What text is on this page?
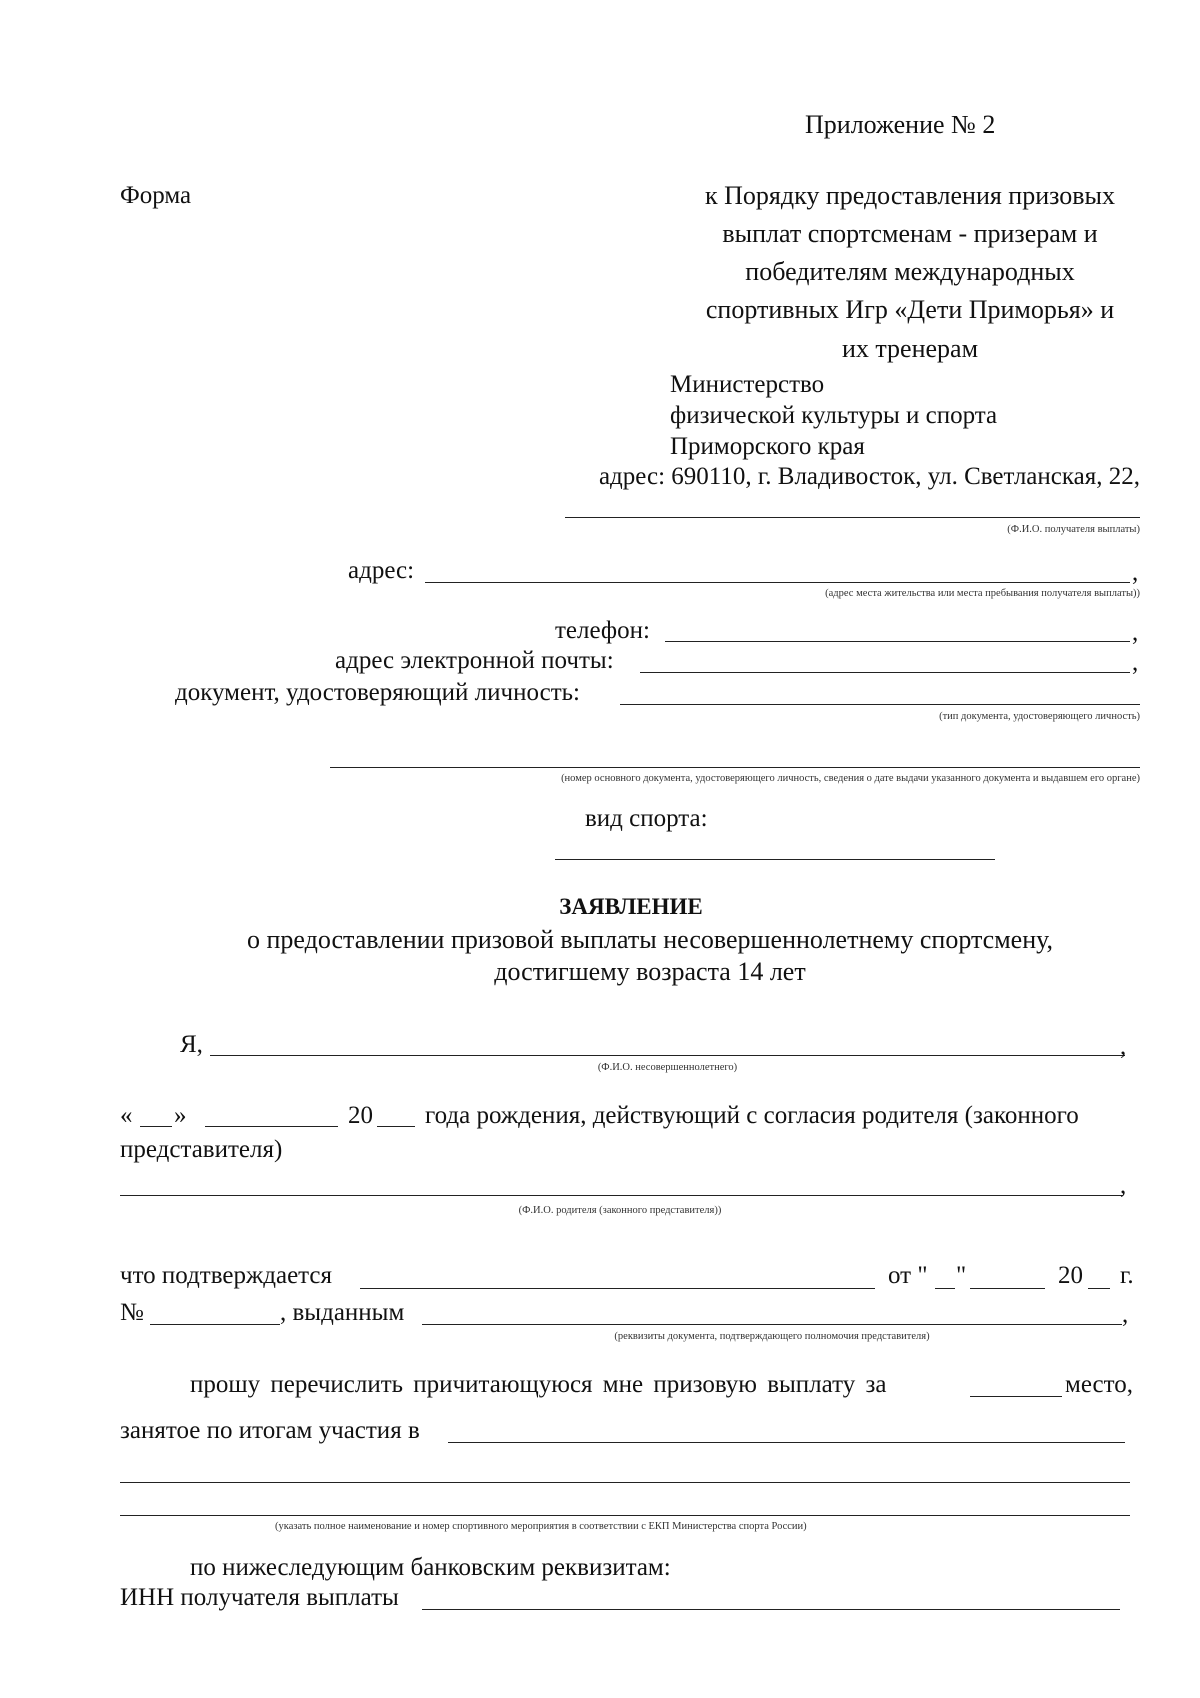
Приложение № 2
Форма	к Порядку предоставления призовых
выплат спортсменам - призерам и
победителям международных
спортивных Игр «Дети Приморья» и
их тренерам
Министерство
физической культуры и спорта
Приморского края
адрес: 690110, г. Владивосток, ул. Светланская, 22,
(Ф.И.О. получателя выплаты)
адрес:	,
(адрес места жительства или места пребывания получателя выплаты))
телефон:	,
адрес электронной почты:	,
документ, удостоверяющий личность:
(тип документа, удостоверяющего личность)
(номер основного документа, удостоверяющего личность, сведения о дате выдачи указанного документа и выдавшем его органе)
вид спорта:
ЗАЯВЛЕНИЕ
о предоставлении призовой выплаты несовершеннолетнему спортсмену,
достигшему возраста 14 лет
Я,	,
(Ф.И.О. несовершеннолетнего)
« »	20 года рождения, действующий с согласия родителя (законного
представителя)
,
(Ф.И.О. родителя (законного представителя))
что подтверждается	от " "	20 г.
№	, выданным	,
(реквизиты документа, подтверждающего полномочия представителя)
прошу перечислить причитающуюся мне призовую выплату за	место,
занятое по итогам участия в
(указать полное наименование и номер спортивного мероприятия в соответствии с ЕКП Министерства спорта России)
по нижеследующим банковским реквизитам:
ИНН получателя выплаты
